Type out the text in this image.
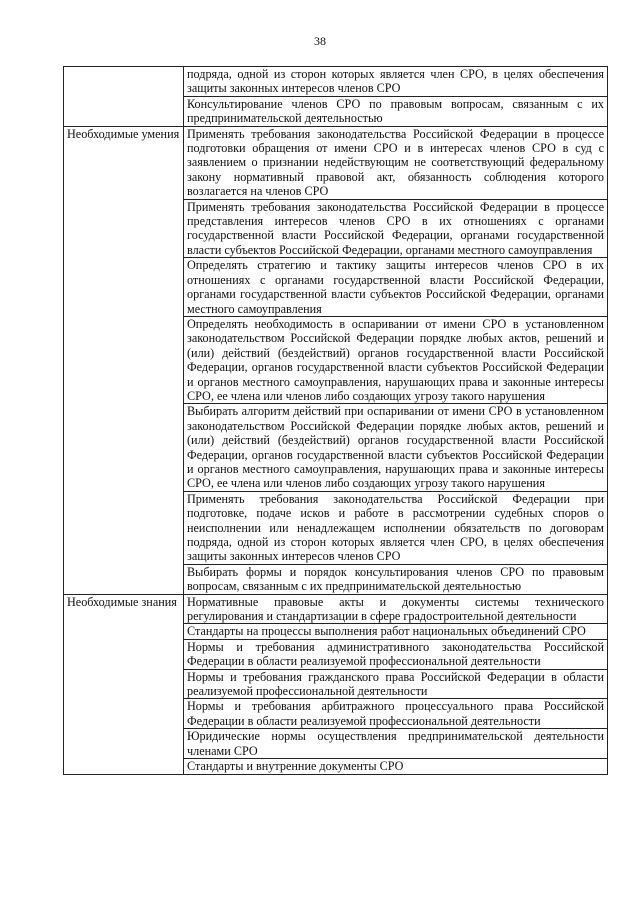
38
	подряда, одной из сторон которых является член СРО, в целях обеспечения защиты законных интересов членов СРО
	Консультирование членов СРО по правовым вопросам, связанным с их предпринимательской деятельностью
Необходимые умения	Применять требования законодательства Российской Федерации в процессе подготовки обращения от имени СРО и в интересах членов СРО в суд с заявлением о признании недействующим не соответствующий федеральному закону нормативный правовой акт, обязанность соблюдения которого возлагается на членов СРО
	Применять требования законодательства Российской Федерации в процессе представления интересов членов СРО в их отношениях с органами государственной власти Российской Федерации, органами государственной власти субъектов Российской Федерации, органами местного самоуправления
	Определять стратегию и тактику защиты интересов членов СРО в их отношениях с органами государственной власти Российской Федерации, органами государственной власти субъектов Российской Федерации, органами местного самоуправления
	Определять необходимость в оспаривании от имени СРО в установленном законодательством Российской Федерации порядке любых актов, решений и (или) действий (бездействий) органов государственной власти Российской Федерации, органов государственной власти субъектов Российской Федерации и органов местного самоуправления, нарушающих права и законные интересы СРО, ее члена или членов либо создающих угрозу такого нарушения
	Выбирать алгоритм действий при оспаривании от имени СРО в установленном законодательством Российской Федерации порядке любых актов, решений и (или) действий (бездействий) органов государственной власти Российской Федерации, органов государственной власти субъектов Российской Федерации и органов местного самоуправления, нарушающих права и законные интересы СРО, ее члена или членов либо создающих угрозу такого нарушения
	Применять требования законодательства Российской Федерации при подготовке, подаче исков и работе в рассмотрении судебных споров о неисполнении или ненадлежащем исполнении обязательств по договорам подряда, одной из сторон которых является член СРО, в целях обеспечения защиты законных интересов членов СРО
	Выбирать формы и порядок консультирования членов СРО по правовым вопросам, связанным с их предпринимательской деятельностью
Необходимые знания	Нормативные правовые акты и документы системы технического регулирования и стандартизации в сфере градостроительной деятельности
	Стандарты на процессы выполнения работ национальных объединений СРО
	Нормы и требования административного законодательства Российской Федерации в области реализуемой профессиональной деятельности
	Нормы и требования гражданского права Российской Федерации в области реализуемой профессиональной деятельности
	Нормы и требования арбитражного процессуального права Российской Федерации в области реализуемой профессиональной деятельности
	Юридические нормы осуществления предпринимательской деятельности членами СРО
	Стандарты и внутренние документы СРО
